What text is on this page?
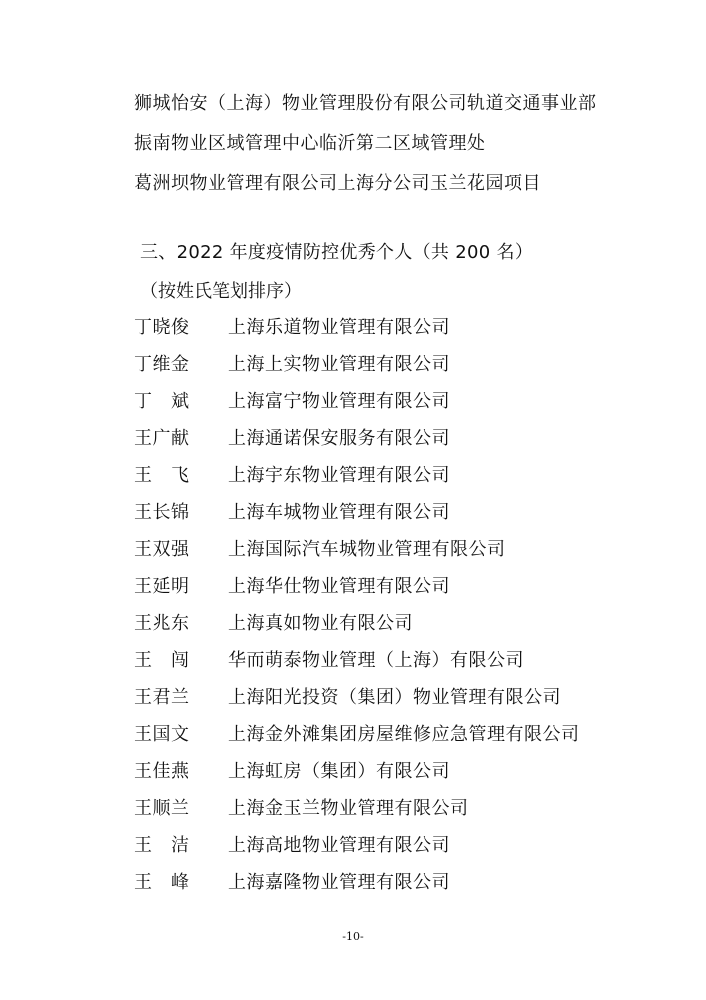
狮城怡安（上海）物业管理股份有限公司轨道交通事业部
振南物业区域管理中心临沂第二区域管理处
葛洲坝物业管理有限公司上海分公司玉兰花园项目
三、2022 年度疫情防控优秀个人（共 200 名）
（按姓氏笔划排序）
丁晓俊	上海乐道物业管理有限公司
丁维金	上海上实物业管理有限公司
丁　斌	上海富宁物业管理有限公司
王广献	上海通诺保安服务有限公司
王　飞	上海宇东物业管理有限公司
王长锦	上海车城物业管理有限公司
王双强	上海国际汽车城物业管理有限公司
王延明	上海华仕物业管理有限公司
王兆东	上海真如物业有限公司
王　闯	华而萌泰物业管理（上海）有限公司
王君兰	上海阳光投资（集团）物业管理有限公司
王国文	上海金外滩集团房屋维修应急管理有限公司
王佳燕	上海虹房（集团）有限公司
王顺兰	上海金玉兰物业管理有限公司
王　洁	上海高地物业管理有限公司
王　峰	上海嘉隆物业管理有限公司
-10-
